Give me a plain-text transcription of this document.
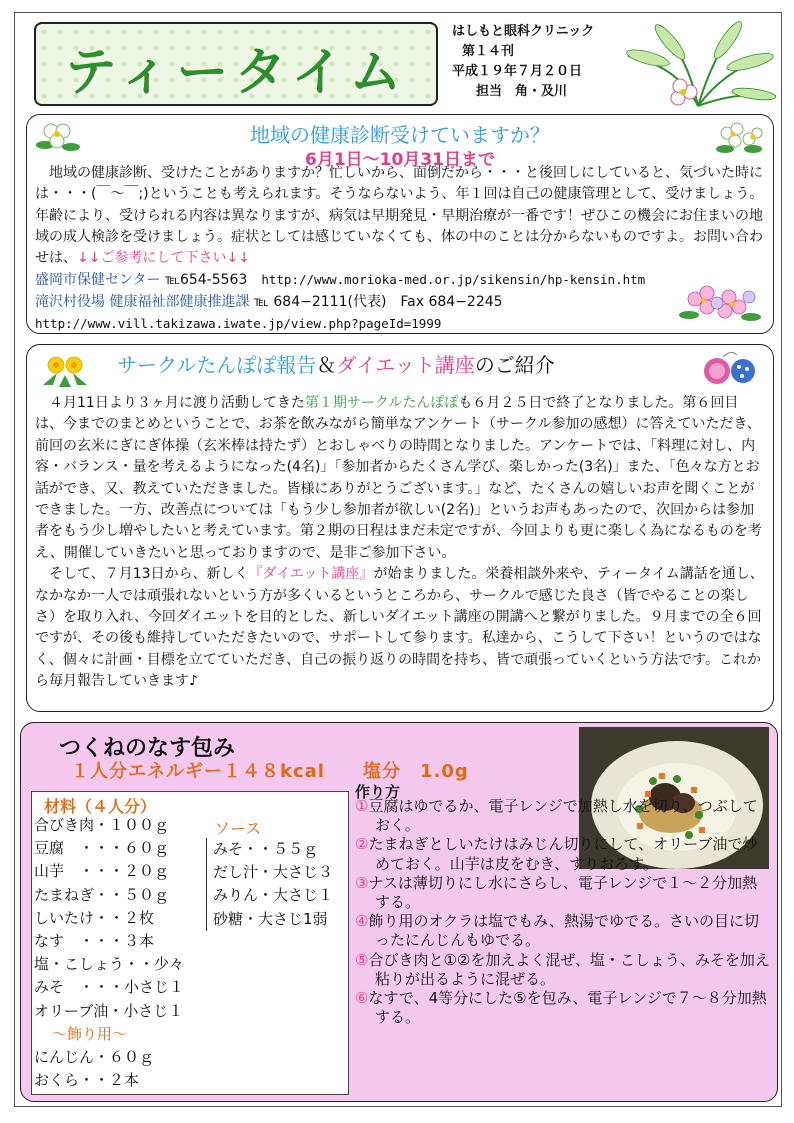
ティータイム
はしもと眼科クリニック
第１４刊
平成１９年７月２０日
担当　角・及川
地域の健康診断受けていますか？
6月1日〜10月31日まで

地域の健康診断、受けたことがありますか？忙しいから、面倒だから・・・と後回しにしていると、気づいた時には・・・(￣〜￣;)ということも考えられます。そうならないよう、年１回は自己の健康管理として、受けましょう。年齢により、受けられる内容は異なりますが、病気は早期発見・早期治療が一番です！ぜひこの機会にお住まいの地域の成人検診を受けましょう。症状としては感じていなくても、体の中のことは分からないものですよ。お問い合わせは、↓↓ご参考にして下さい↓↓

盛岡市保健センター ℡654-5563　 http://www.morioka-med.or.jp/sikensin/hp-kensin.htm

滝沢村役場 健康福祉部健康推進課 ℡ 684−2111(代表)　Fax 684−2245

http://www.vill.takizawa.iwate.jp/view.php?pageId=1999

サークルたんぽぽ報告＆ダイエット講座のご紹介

４月11日より３ヶ月に渡り活動してきた第１期サークルたんぽぽも６月２５日で終了となりました。第６回目は、今までのまとめということで、お茶を飲みながら簡単なアンケート（サークル参加の感想）に答えていただき、前回の玄米にぎにぎ体操（玄米棒は持たず）とおしゃべりの時間となりました。アンケートでは、「料理に対し、内容・バランス・量を考えるようになった(4名)」「参加者からたくさん学び、楽しかった(3名)」また、「色々な方とお話ができ、又、教えていただきました。皆様にありがとうございます。」など、たくさんの嬉しいお声を聞くことができました。一方、改善点については「もう少し参加者が欲しい(2名)」というお声もあったので、次回からは参加者をもう少し増やしたいと考えています。第２期の日程はまだ未定ですが、今回よりも更に楽しく為になるものを考え、開催していきたいと思っておりますので、是非ご参加下さい。

そして、７月13日から、新しく『ダイエット講座』が始まりました。栄養相談外来や、ティータイム講話を通し、なかなか一人では頑張れないという方が多くいるというところから、サークルで感じた良さ（皆でやることの楽しさ）を取り入れ、今回ダイエットを目的とした、新しいダイエット講座の開講へと繋がりました。９月までの全６回ですが、その後も維持していただきたいので、サポートして参ります。私達から、こうして下さい！というのではなく、個々に計画・目標を立てていただき、自己の振り返りの時間を持ち、皆で頑張っていくという方法です。これから毎月報告していきます♪

つくねのなす包み
１人分エネルギー１４８kcal　　塩分　1.0g
材料（４人分）
合びき肉・１００ｇ
豆腐　・・・６０ｇ
山芋　・・・２０ｇ
たまねぎ・・５０ｇ
しいたけ・・２枚
なす　・・・３本
塩・こしょう・・少々
みそ　・・・小さじ１
オリーブ油・小さじ１
〜飾り用〜
にんじん・６０ｇ
おくら・・２本
ソース
みそ・・５５ｇ
だし汁・大さじ３
みりん・大さじ１
砂糖・大さじ1弱
作り方

①豆腐はゆでるか、電子レンジで加熱し水を切り、つぶしておく。

②たまねぎとしいたけはみじん切りにして、オリーブ油で炒めておく。山芋は皮をむき、すりおろす。

③ナスは薄切りにし水にさらし、電子レンジで１〜２分加熱する。

④飾り用のオクラは塩でもみ、熱湯でゆでる。さいの目に切ったにんじんもゆでる。

⑤合びき肉と①②を加えよく混ぜ、塩・こしょう、みそを加え粘りが出るように混ぜる。

⑥なすで、4等分にした⑤を包み、電子レンジで７〜８分加熱する。
